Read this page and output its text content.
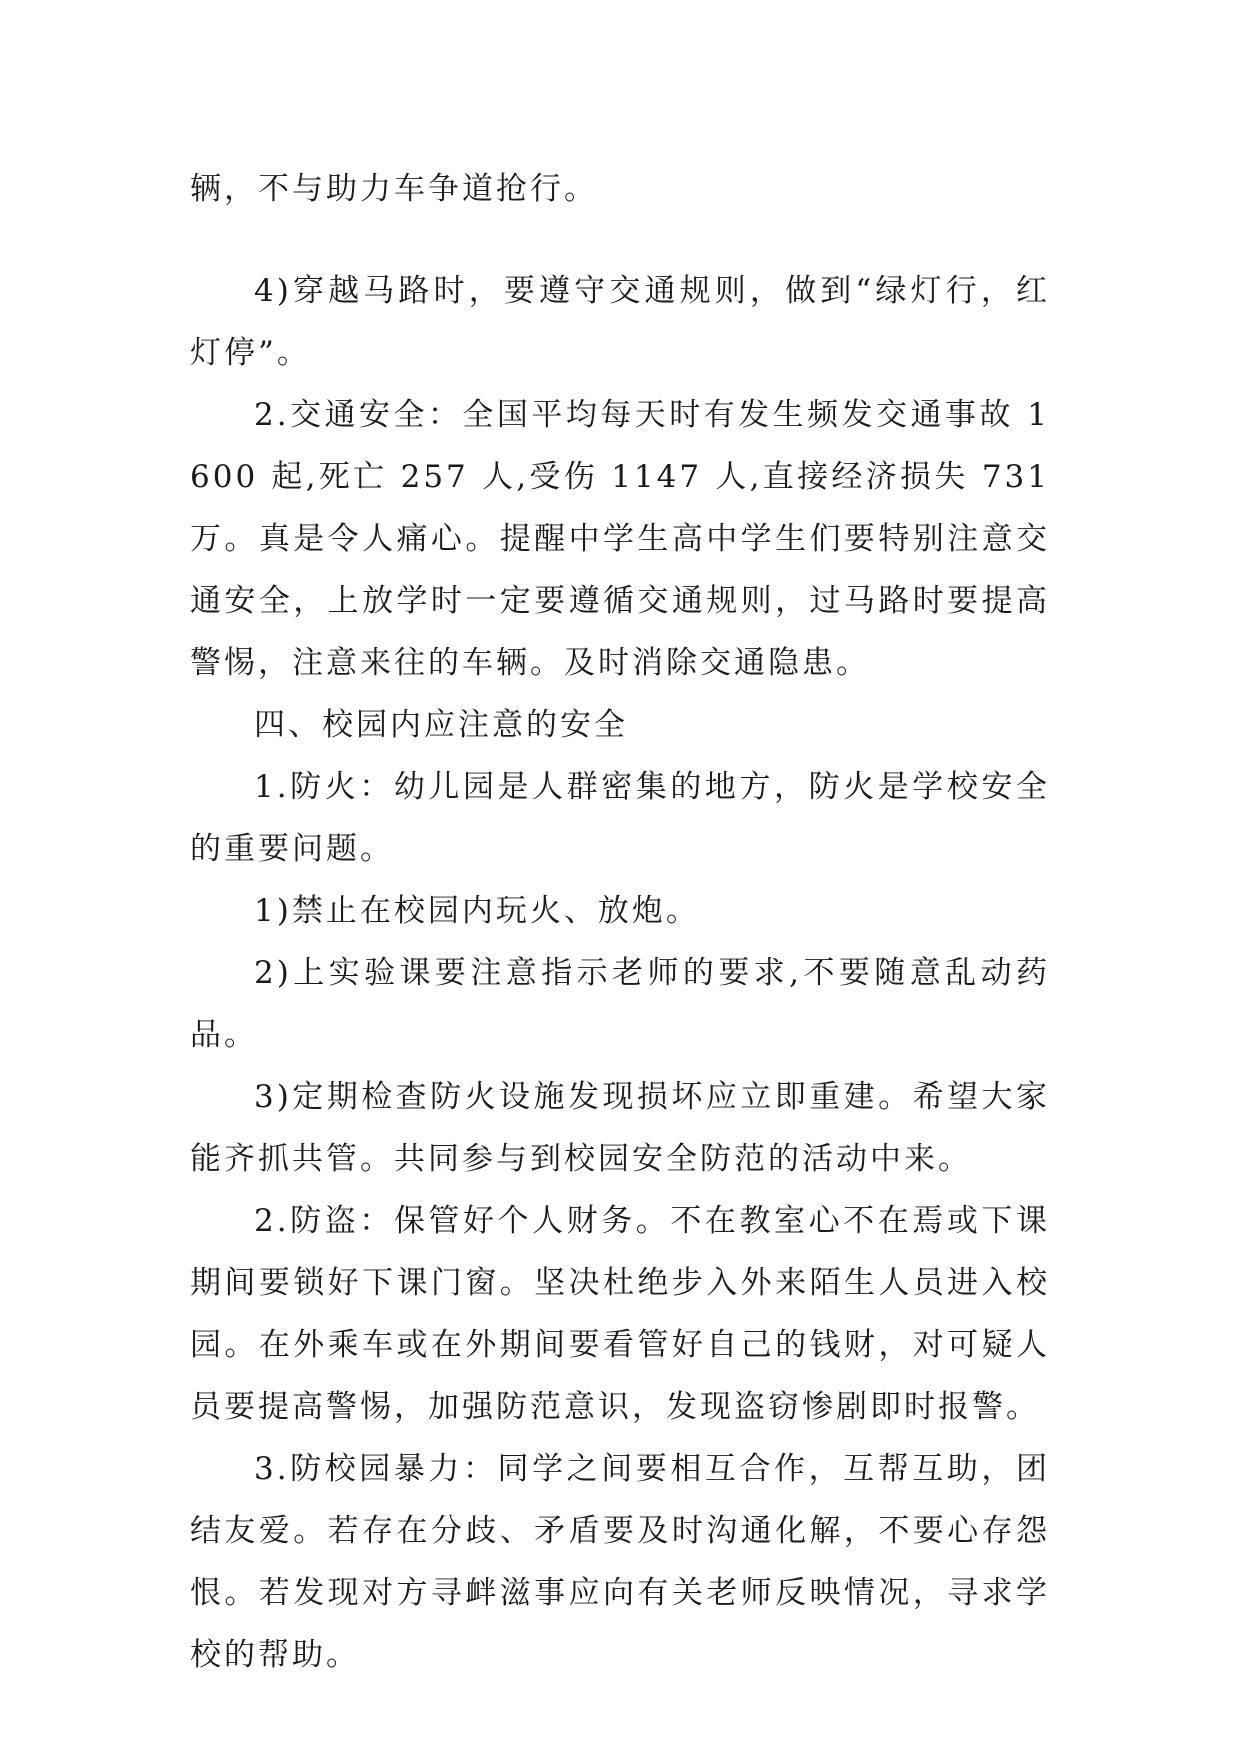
辆，不与助力车争道抢行。

4)穿越马路时，要遵守交通规则，做到“绿灯行，红灯停”。

2.交通安全：全国平均每天时有发生频发交通事故 1600 起,死亡 257 人,受伤 1147 人,直接经济损失 731 万。真是令人痛心。提醒中学生高中学生们要特别注意交通安全，上放学时一定要遵循交通规则，过马路时要提高警惕，注意来往的车辆。及时消除交通隐患。

四、校园内应注意的安全

1.防火：幼儿园是人群密集的地方，防火是学校安全的重要问题。

1)禁止在校园内玩火、放炮。

2)上实验课要注意指示老师的要求,不要随意乱动药品。

3)定期检查防火设施发现损坏应立即重建。希望大家能齐抓共管。共同参与到校园安全防范的活动中来。

2.防盗：保管好个人财务。不在教室心不在焉或下课期间要锁好下课门窗。坚决杜绝步入外来陌生人员进入校园。在外乘车或在外期间要看管好自己的钱财，对可疑人员要提高警惕，加强防范意识，发现盗窃惨剧即时报警。

3.防校园暴力：同学之间要相互合作，互帮互助，团结友爱。若存在分歧、矛盾要及时沟通化解，不要心存怨恨。若发现对方寻衅滋事应向有关老师反映情况，寻求学校的帮助。
